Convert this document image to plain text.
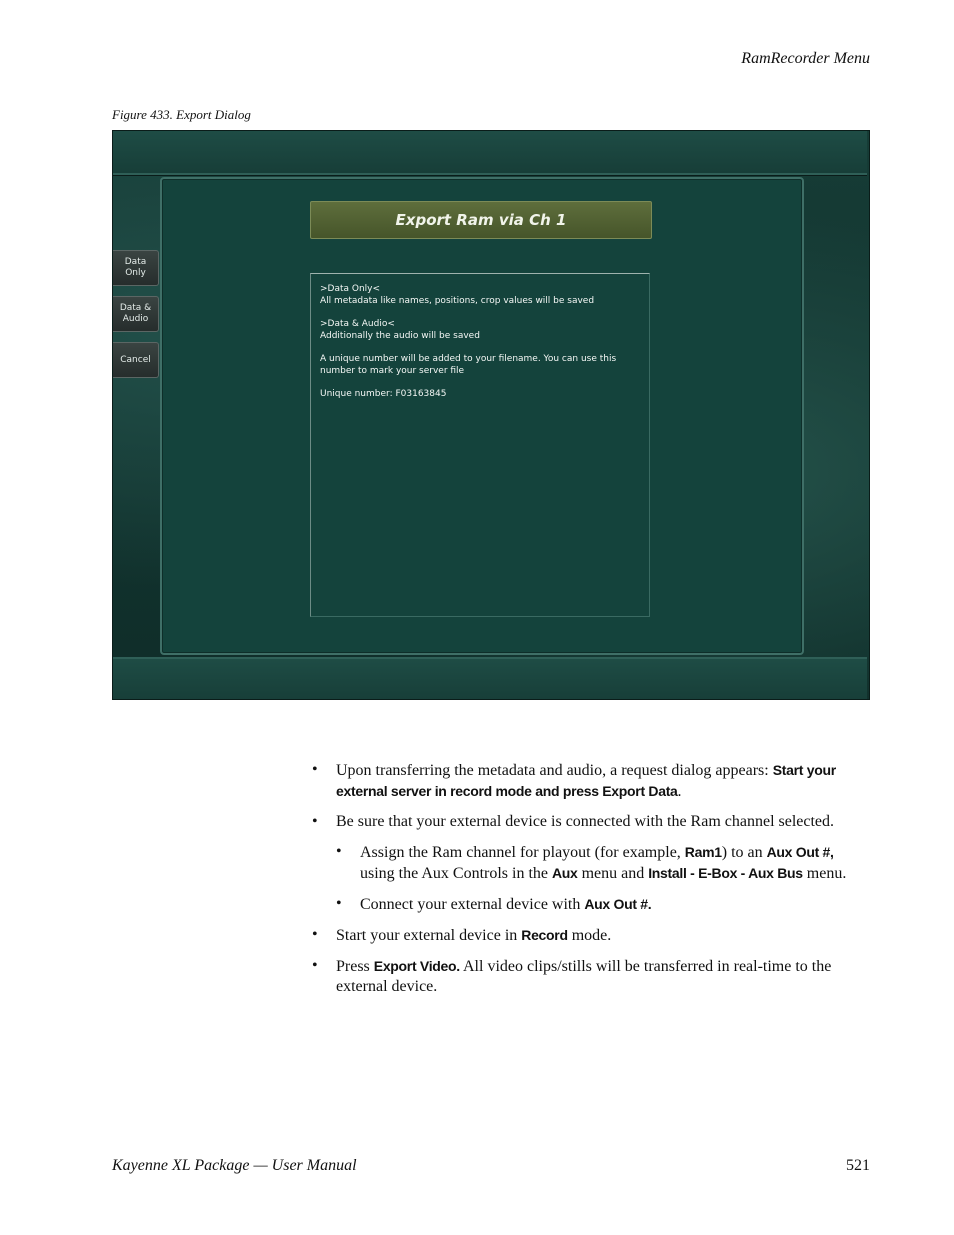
RamRecorder Menu
Figure 433. Export Dialog
Data Only
Data & Audio
Cancel
Export Ram via Ch 1

>Data Only<
All metadata like names, positions, crop values will be saved

>Data & Audio<
Additionally the audio will be saved

A unique number will be added to your filename. You can use this number to mark your server file

Unique number: F03163845

• Upon transferring the metadata and audio, a request dialog appears: Start your external server in record mode and press Export Data.
• Be sure that your external device is connected with the Ram channel selected.
• Assign the Ram channel for playout (for example, Ram1) to an Aux Out #, using the Aux Controls in the Aux menu and Install - E-Box - Aux Bus menu.
• Connect your external device with Aux Out #.
• Start your external device in Record mode.
• Press Export Video. All video clips/stills will be transferred in real-time to the external device.
Kayenne XL Package — User Manual	521
